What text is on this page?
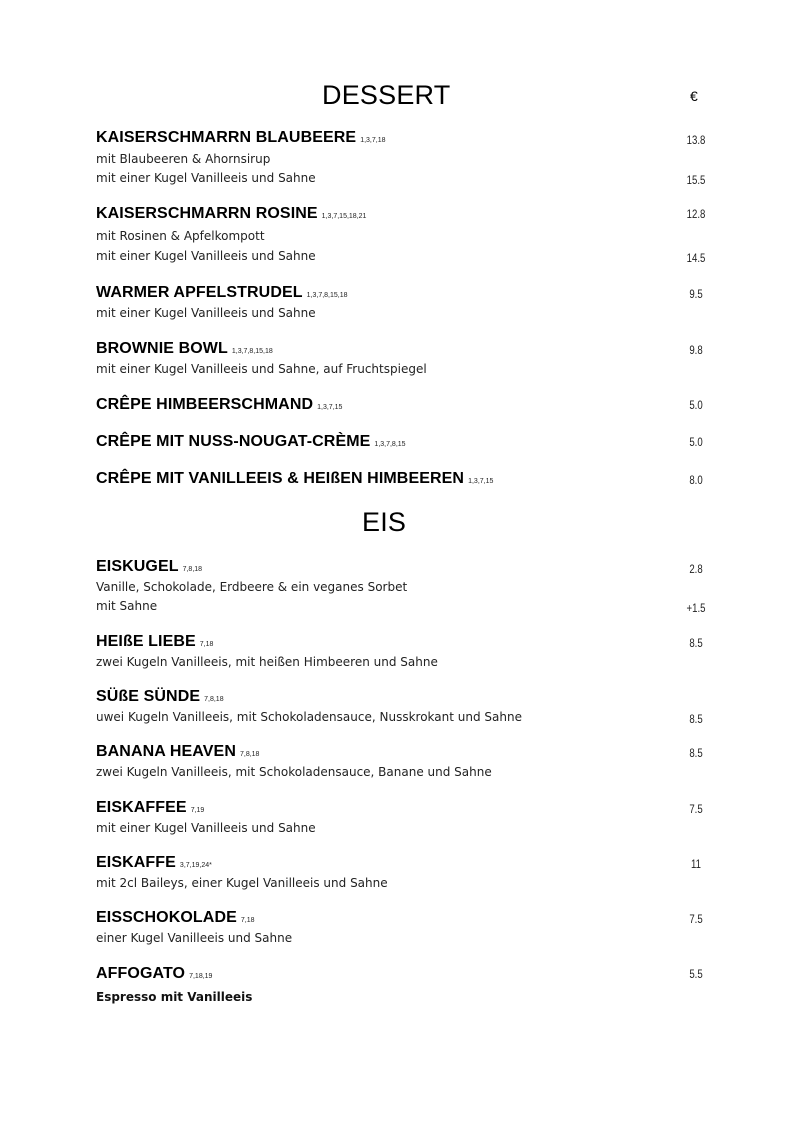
DESSERT	€
KAISERSCHMARRN BLAUBEERE 1,3,7,18	13.8
mit Blaubeeren & Ahornsirup
mit einer Kugel Vanilleeis und Sahne	15.5
KAISERSCHMARRN ROSINE 1,3,7,15,18,21	12.8
mit Rosinen & Apfelkompott
mit einer Kugel Vanilleeis und Sahne	14.5
WARMER APFELSTRUDEL 1,3,7,8,15,18	9.5
mit einer Kugel Vanilleeis und Sahne
BROWNIE BOWL 1,3,7,8,15,18	9.8
mit einer Kugel Vanilleeis und Sahne, auf Fruchtspiegel
CRÊPE HIMBEERSCHMAND 1,3,7,15	5.0
CRÊPE MIT NUSS-NOUGAT-CRÈME 1,3,7,8,15	5.0
CRÊPE MIT VANILLEEIS & HEIßEN HIMBEEREN 1,3,7,15	8.0
EIS
EISKUGEL 7,8,18	2.8
Vanille, Schokolade, Erdbeere & ein veganes Sorbet
mit Sahne	+1.5
HEIßE LIEBE 7,18	8.5
zwei Kugeln Vanilleeis, mit heißen Himbeeren und Sahne
SÜßE SÜNDE 7,8,18
uwei Kugeln Vanilleeis, mit Schokoladensauce, Nusskrokant und Sahne	8.5
BANANA HEAVEN 7,8,18	8.5
zwei Kugeln Vanilleeis, mit Schokoladensauce, Banane und Sahne
EISKAFFEE 7,19	7.5
mit einer Kugel Vanilleeis und Sahne
EISKAFFE 3,7,19,24*	11
mit 2cl Baileys, einer Kugel Vanilleeis und Sahne
EISSCHOKOLADE 7,18	7.5
einer Kugel Vanilleeis und Sahne
AFFOGATO 7,18,19	5.5
Espresso mit Vanilleeis
